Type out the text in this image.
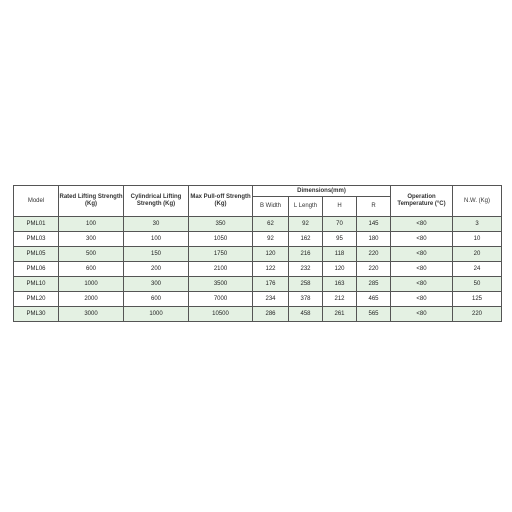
Model	Rated Lifting Strength (Kg)	Cylindrical Lifting Strength (Kg)	Max Pull-off Strength (Kg)	Dimensions(mm)				Operation Temperature (°C)	N.W. (Kg)
				B Width	L Length	H	R		
PML01	100	30	350	62	92	70	145	<80	3
PML03	300	100	1050	92	162	95	180	<80	10
PML05	500	150	1750	120	216	118	220	<80	20
PML06	600	200	2100	122	232	120	220	<80	24
PML10	1000	300	3500	176	258	163	285	<80	50
PML20	2000	600	7000	234	378	212	465	<80	125
PML30	3000	1000	10500	286	458	261	565	<80	220
